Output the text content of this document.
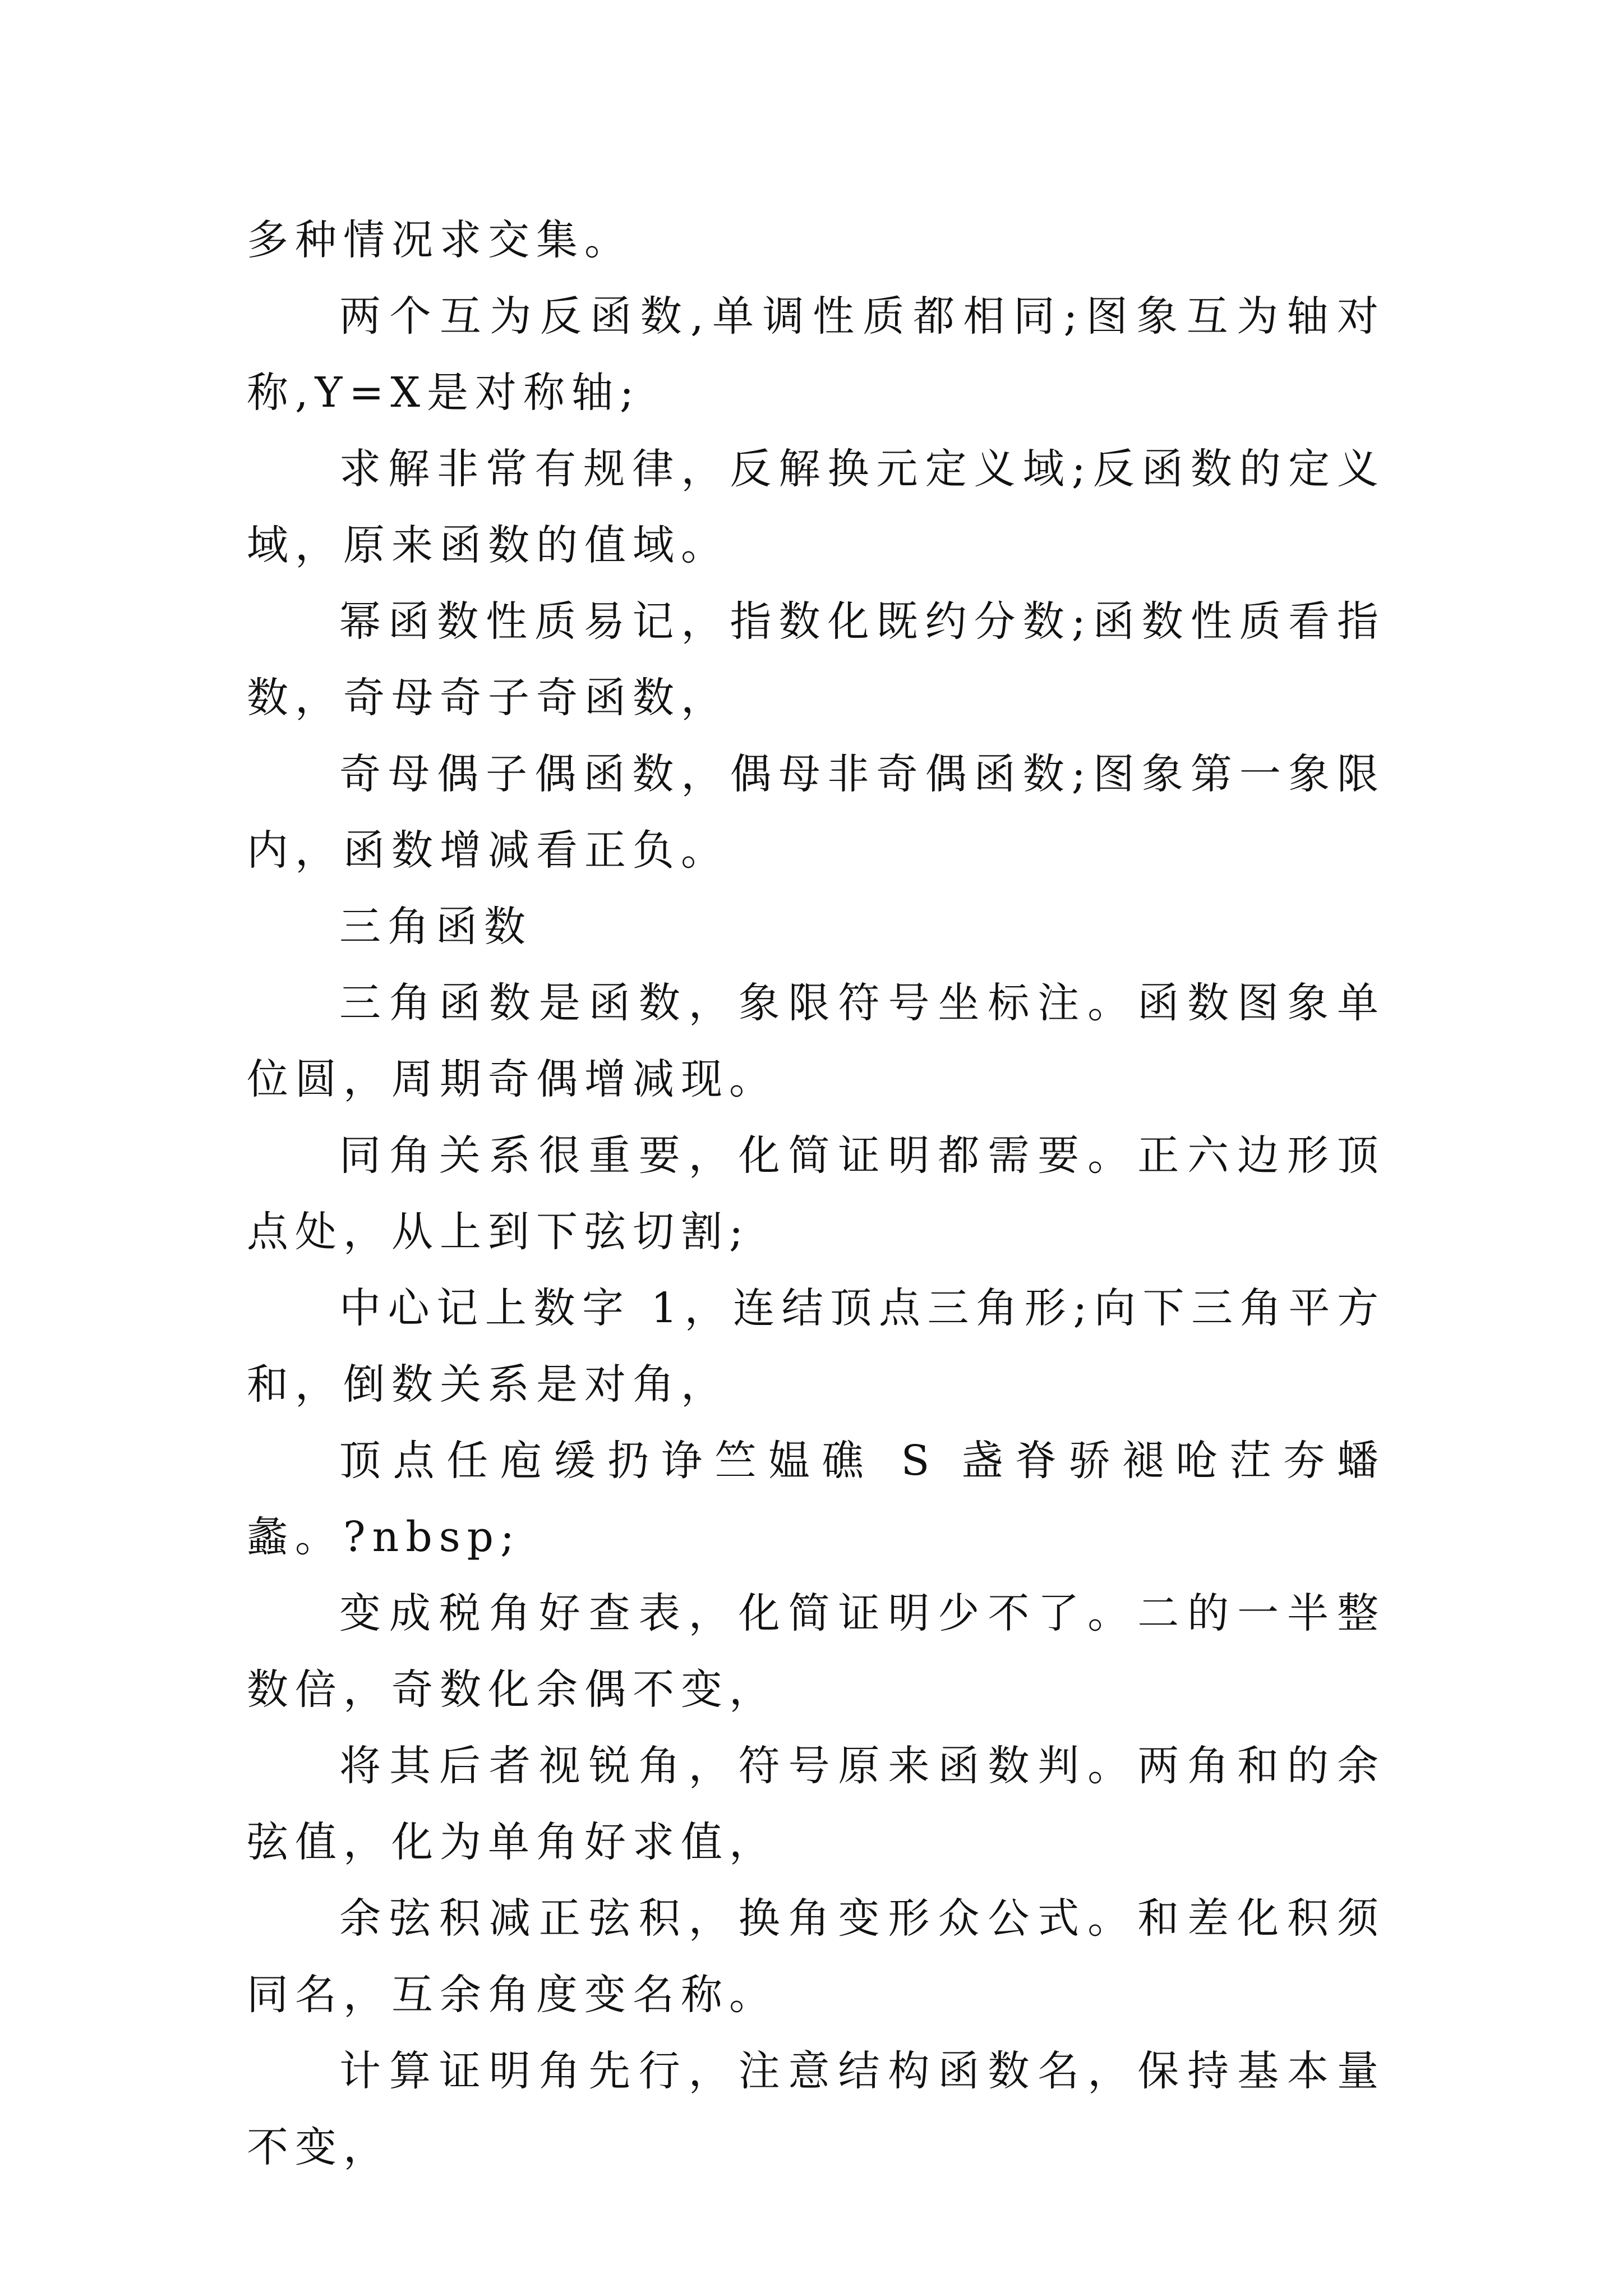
多种情况求交集。

两个互为反函数,单调性质都相同;图象互为轴对称,Y=X是对称轴;

求解非常有规律，反解换元定义域;反函数的定义域，原来函数的值域。

幂函数性质易记，指数化既约分数;函数性质看指数，奇母奇子奇函数，

奇母偶子偶函数，偶母非奇偶函数;图象第一象限内，函数增减看正负。

三角函数

三角函数是函数，象限符号坐标注。函数图象单位圆，周期奇偶增减现。

同角关系很重要，化简证明都需要。正六边形顶点处，从上到下弦切割;

中心记上数字 1，连结顶点三角形;向下三角平方和，倒数关系是对角，

顶点任庖缓扔诤竺媪礁 S 盏脊骄褪呛茳夯蟠蠡。?nbsp;

变成税角好查表，化简证明少不了。二的一半整数倍，奇数化余偶不变，

将其后者视锐角，符号原来函数判。两角和的余弦值，化为单角好求值，

余弦积减正弦积，换角变形众公式。和差化积须同名，互余角度变名称。

计算证明角先行，注意结构函数名，保持基本量不变，
